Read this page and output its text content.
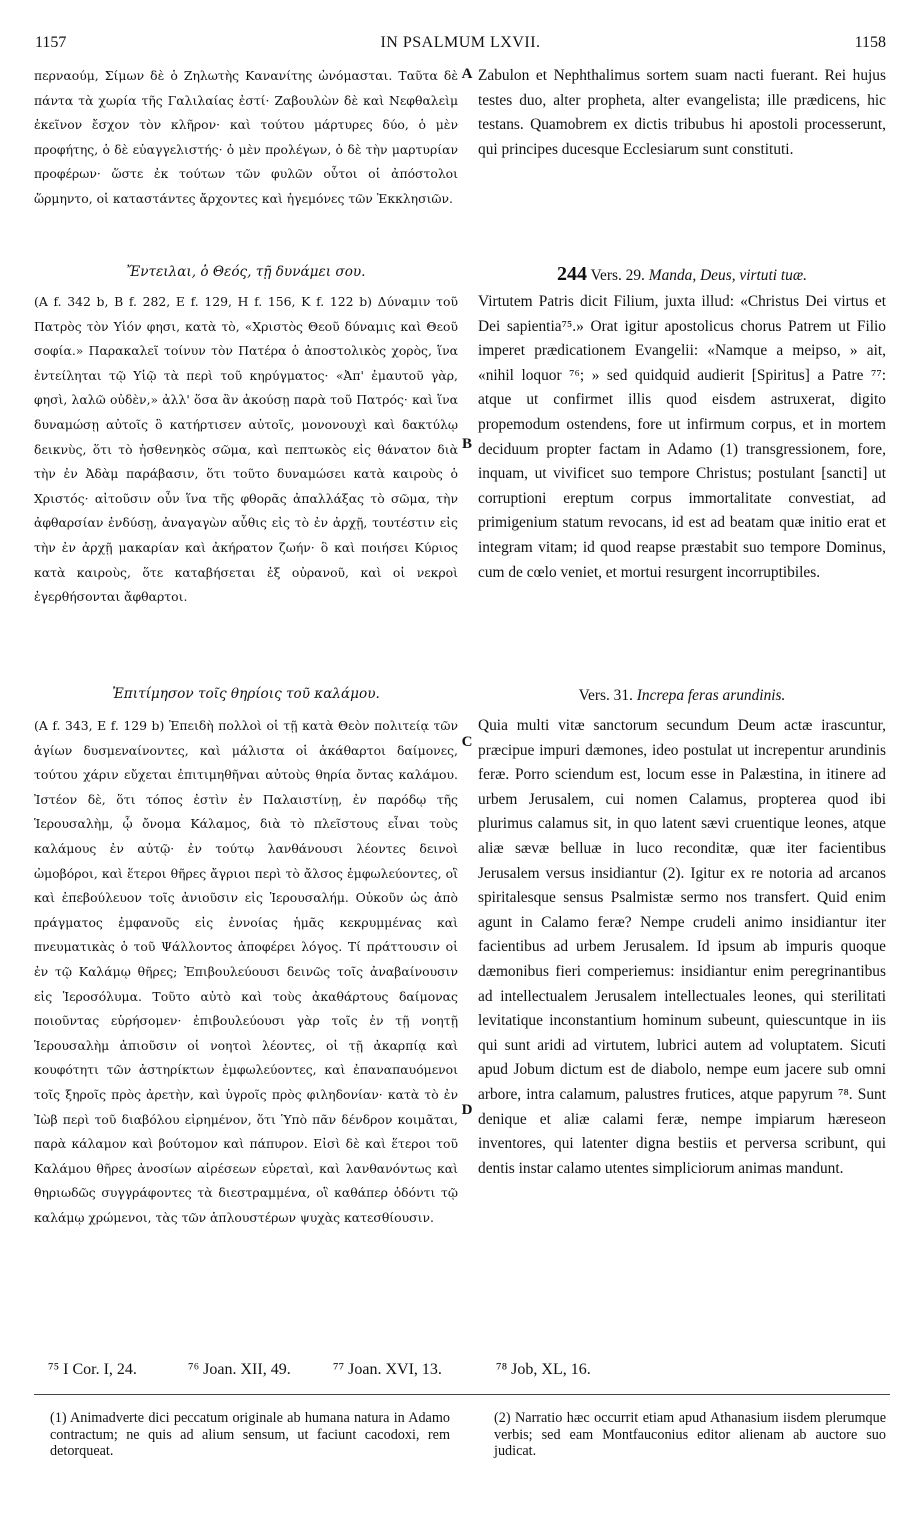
1157	IN PSALMUM LXVII.	1158

περναούμ, Σίμων δὲ ὁ Ζηλωτὴς Κανανίτης ὠνόμασται. Ταῦτα δὲ πάντα τὰ χωρία τῆς Γαλιλαίας ἐστί· Ζαβουλὼν δὲ καὶ Νεφθαλεὶμ ἐκεῖνον ἔσχον τὸν κλῆρον· καὶ τούτου μάρτυρες δύο, ὁ μὲν προφήτης, ὁ δὲ εὐαγγελιστής· ὁ μὲν προλέγων, ὁ δὲ τὴν μαρτυρίαν προφέρων· ὥστε ἐκ τούτων τῶν φυλῶν οὗτοι οἱ ἀπόστολοι ὥρμηντο, οἱ καταστάντες ἄρχοντες καὶ ἡγεμόνες τῶν Ἐκκλησιῶν.

Ἔντειλαι, ὁ Θεός, τῇ δυνάμει σου.

(A f. 342 b, B f. 282, E f. 129, H f. 156, K f. 122 b) Δύναμιν τοῦ Πατρὸς τὸν Υἱόν φησι, κατὰ τὸ, «Χριστὸς Θεοῦ δύναμις καὶ Θεοῦ σοφία.» Παρακαλεῖ τοίνυν τὸν Πατέρα ὁ ἀποστολικὸς χορὸς, ἵνα ἐντείληται τῷ Υἱῷ τὰ περὶ τοῦ κηρύγματος· «Ἀπ' ἐμαυτοῦ γὰρ, φησὶ, λαλῶ οὐδὲν,» ἀλλ' ὅσα ἂν ἀκούσῃ παρὰ τοῦ Πατρός· καὶ ἵνα δυναμώσῃ αὐτοῖς ὃ κατήρτισεν αὐτοῖς, μονονουχὶ καὶ δακτύλῳ δεικνὺς, ὅτι τὸ ἠσθενηκὸς σῶμα, καὶ πεπτωκὸς εἰς θάνατον διὰ τὴν ἐν Ἀδὰμ παράβασιν, ὅτι τοῦτο δυναμώσει κατὰ καιροὺς ὁ Χριστός· αἰτοῦσιν οὖν ἵνα τῆς φθορᾶς ἀπαλλάξας τὸ σῶμα, τὴν ἀφθαρσίαν ἐνδύσῃ, ἀναγαγὼν αὖθις εἰς τὸ ἐν ἀρχῇ, τουτέστιν εἰς τὴν ἐν ἀρχῇ μακαρίαν καὶ ἀκήρατον ζωήν· ὃ καὶ ποιήσει Κύριος κατὰ καιροὺς, ὅτε καταβήσεται ἐξ οὐρανοῦ, καὶ οἱ νεκροὶ ἐγερθήσονται ἄφθαρτοι.

Ἐπιτίμησον τοῖς θηρίοις τοῦ καλάμου.

(A f. 343, E f. 129 b) Ἐπειδὴ πολλοὶ οἱ τῇ κατὰ Θεὸν πολιτείᾳ τῶν ἁγίων δυσμεναίνοντες, καὶ μάλιστα οἱ ἀκάθαρτοι δαίμονες, τούτου χάριν εὔχεται ἐπιτιμηθῆναι αὐτοὺς θηρία ὄντας καλάμου. Ἰστέον δὲ, ὅτι τόπος ἐστὶν ἐν Παλαιστίνῃ, ἐν παρόδῳ τῆς Ἱερουσαλὴμ, ᾧ ὄνομα Κάλαμος, διὰ τὸ πλεῖστους εἶναι τοὺς καλάμους ἐν αὐτῷ· ἐν τούτῳ λανθάνουσι λέοντες δεινοὶ ὠμοβόροι, καὶ ἕτεροι θῆρες ἄγριοι περὶ τὸ ἄλσος ἐμφωλεύοντες, οἳ καὶ ἐπεβούλευον τοῖς ἀνιοῦσιν εἰς Ἱερουσαλήμ. Οὐκοῦν ὡς ἀπὸ πράγματος ἐμφανοῦς εἰς ἐννοίας ἡμᾶς κεκρυμμένας καὶ πνευματικὰς ὁ τοῦ Ψάλλοντος ἀποφέρει λόγος. Τί πράττουσιν οἱ ἐν τῷ Καλάμῳ θῆρες; Ἐπιβουλεύουσι δεινῶς τοῖς ἀναβαίνουσιν εἰς Ἱεροσόλυμα. Τοῦτο αὐτὸ καὶ τοὺς ἀκαθάρτους δαίμονας ποιοῦντας εὑρήσομεν· ἐπιβουλεύουσι γὰρ τοῖς ἐν τῇ νοητῇ Ἱερουσαλὴμ ἀπιοῦσιν οἱ νοητοὶ λέοντες, οἱ τῇ ἀκαρπίᾳ καὶ κουφότητι τῶν ἀστηρίκτων ἐμφωλεύοντες, καὶ ἐπαναπαυόμενοι τοῖς ξηροῖς πρὸς ἀρετὴν, καὶ ὑγροῖς πρὸς φιληδονίαν· κατὰ τὸ ἐν Ἰὼβ περὶ τοῦ διαβόλου εἰρημένον, ὅτι Ὑπὸ πᾶν δένδρον κοιμᾶται, παρὰ κάλαμον καὶ βούτομον καὶ πάπυρον. Εἰσὶ δὲ καὶ ἕτεροι τοῦ Καλάμου θῆρες ἀνοσίων αἱρέσεων εὑρεταὶ, καὶ λανθανόντως καὶ θηριωδῶς συγγράφοντες τὰ διεστραμμένα, οἳ καθάπερ ὀδόντι τῷ καλάμῳ χρώμενοι, τὰς τῶν ἁπλουστέρων ψυχὰς κατεσθίουσιν.

A
B
C
D

Zabulon et Nephthalimus sortem suam nacti fuerant. Rei hujus testes duo, alter propheta, alter evangelista; ille prædicens, hic testans. Quamobrem ex dictis tribubus hi apostoli processerunt, qui principes ducesque Ecclesiarum sunt constituti.

244 Vers. 29. Manda, Deus, virtuti tuæ.

Virtutem Patris dicit Filium, juxta illud: «Christus Dei virtus et Dei sapientia⁷⁵.» Orat igitur apostolicus chorus Patrem ut Filio imperet prædicationem Evangelii: «Namque a meipso, » ait, «nihil loquor ⁷⁶; » sed quidquid audierit [Spiritus] a Patre ⁷⁷: atque ut confirmet illis quod eisdem astruxerat, digito propemodum ostendens, fore ut infirmum corpus, et in mortem deciduum propter factam in Adamo (1) transgressionem, fore, inquam, ut vivificet suo tempore Christus; postulant [sancti] ut corruptioni ereptum corpus immortalitate convestiat, ad primigenium statum revocans, id est ad beatam quæ initio erat et integram vitam; id quod reapse præstabit suo tempore Dominus, cum de cœlo veniet, et mortui resurgent incorruptibiles.

Vers. 31. Increpa feras arundinis.

Quia multi vitæ sanctorum secundum Deum actæ irascuntur, præcipue impuri dæmones, ideo postulat ut increpentur arundinis feræ. Porro sciendum est, locum esse in Palæstina, in itinere ad urbem Jerusalem, cui nomen Calamus, propterea quod ibi plurimus calamus sit, in quo latent sævi cruentique leones, atque aliæ sævæ belluæ in luco reconditæ, quæ iter facientibus Jerusalem versus insidiantur (2). Igitur ex re notoria ad arcanos spiritalesque sensus Psalmistæ sermo nos transfert. Quid enim agunt in Calamo feræ? Nempe crudeli animo insidiantur iter facientibus ad urbem Jerusalem. Id ipsum ab impuris quoque dæmonibus fieri comperiemus: insidiantur enim peregrinantibus ad intellectualem Jerusalem intellectuales leones, qui sterilitati levitatique inconstantium hominum subeunt, quiescuntque in iis qui sunt aridi ad virtutem, lubrici autem ad voluptatem. Sicuti apud Jobum dictum est de diabolo, nempe eum jacere sub omni arbore, intra calamum, palustres frutices, atque papyrum ⁷⁸. Sunt denique et aliæ calami feræ, nempe impiarum hæreseon inventores, qui latenter digna bestiis et perversa scribunt, qui dentis instar calamo utentes simpliciorum animas mandunt.

⁷⁵ I Cor. I, 24.	⁷⁶ Joan. XII, 49.	⁷⁷ Joan. XVI, 13.	⁷⁸ Job, XL, 16.
(1) Animadverte dici peccatum originale ab humana natura in Adamo contractum; ne quis ad alium sensum, ut faciunt cacodoxi, rem detorqueat.
(2) Narratio hæc occurrit etiam apud Athanasium iisdem plerumque verbis; sed eam Montfauconius editor alienam ab auctore suo judicat.
